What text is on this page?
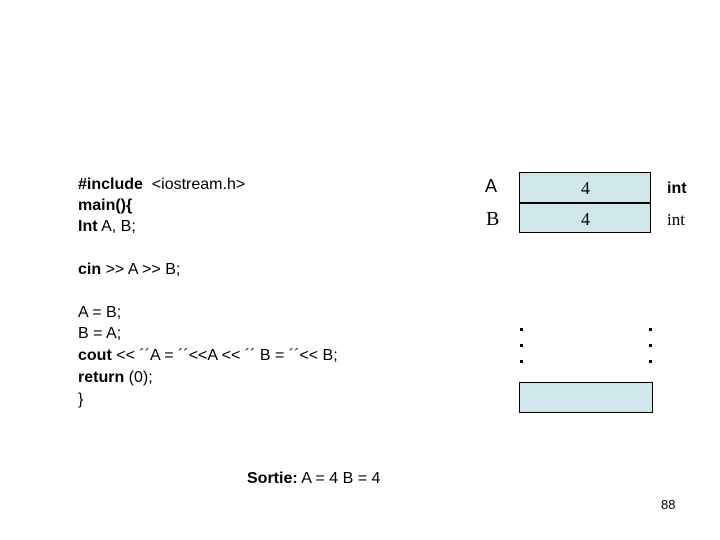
#include <iostream.h>
main(){
Int A, B;
cin >> A >> B;
A = B;
B = A;
cout << ´´A = ´´<<A << ´´ B = ´´<< B;
return (0);
}
A	4	int
B	4	int
Sortie: A = 4 B = 4
88
